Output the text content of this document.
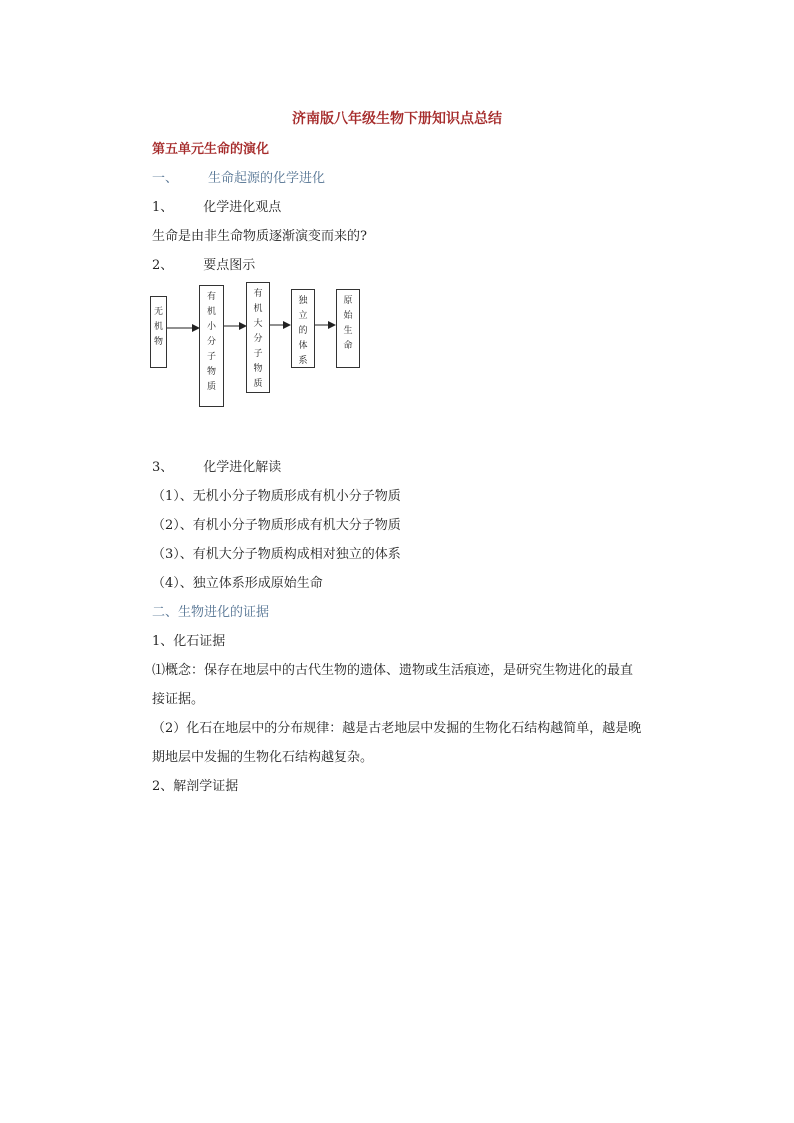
济南版八年级生物下册知识点总结
第五单元生命的演化
一、 生命起源的化学进化
1、 化学进化观点
生命是由非生命物质逐渐演变而来的?
2、 要点图示
无
机
物
有
机
小
分
子
物
质
有
机
大
分
子
物
质
独
立
的
体
系
原
始
生
命
3、 化学进化解读
（1）、无机小分子物质形成有机小分子物质
（2）、有机小分子物质形成有机大分子物质
（3）、有机大分子物质构成相对独立的体系
（4）、独立体系形成原始生命
二、生物进化的证据
1、化石证据
⑴概念：保存在地层中的古代生物的遗体、遗物或生活痕迹，是研究生物进化的最直
接证据。
（2）化石在地层中的分布规律：越是古老地层中发掘的生物化石结构越简单，越是晚
期地层中发掘的生物化石结构越复杂。
2、解剖学证据
